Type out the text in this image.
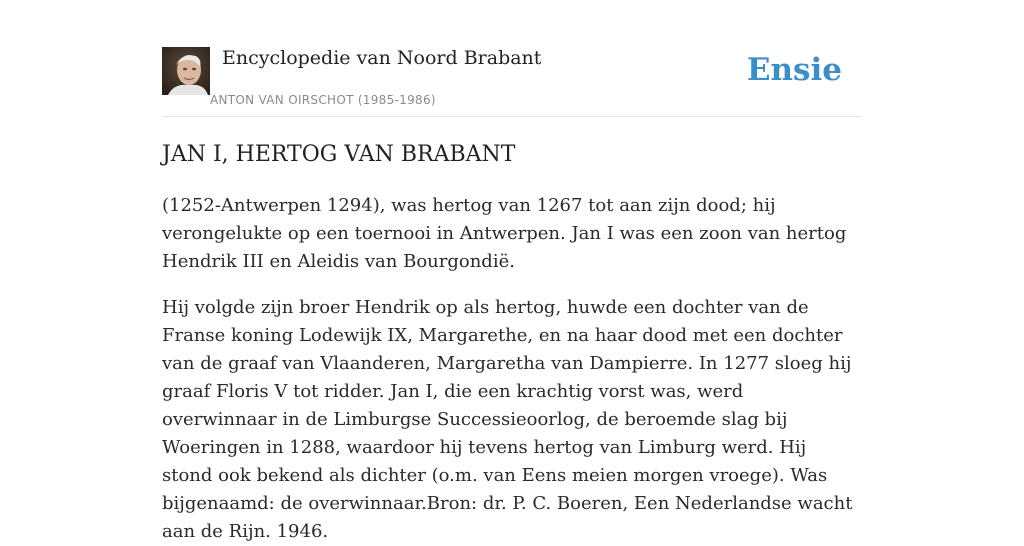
Encyclopedie van Noord Brabant
ANTON VAN OIRSCHOT (1985-1986)
Ensie
JAN I, HERTOG VAN BRABANT

(1252-Antwerpen 1294), was hertog van 1267 tot aan zijn dood; hij verongelukte op een toernooi in Antwerpen. Jan I was een zoon van hertog Hendrik III en Aleidis van Bourgondië.

Hij volgde zijn broer Hendrik op als hertog, huwde een dochter van de Franse koning Lodewijk IX, Margarethe, en na haar dood met een dochter van de graaf van Vlaanderen, Margaretha van Dampierre. In 1277 sloeg hij graaf Floris V tot ridder. Jan I, die een krachtig vorst was, werd overwinnaar in de Limburgse Successieoorlog, de beroemde slag bij Woeringen in 1288, waardoor hij tevens hertog van Limburg werd. Hij stond ook bekend als dichter (o.m. van Eens meien morgen vroege). Was bijgenaamd: de overwinnaar.Bron: dr. P. C. Boeren, Een Nederlandse wacht aan de Rijn. 1946.
